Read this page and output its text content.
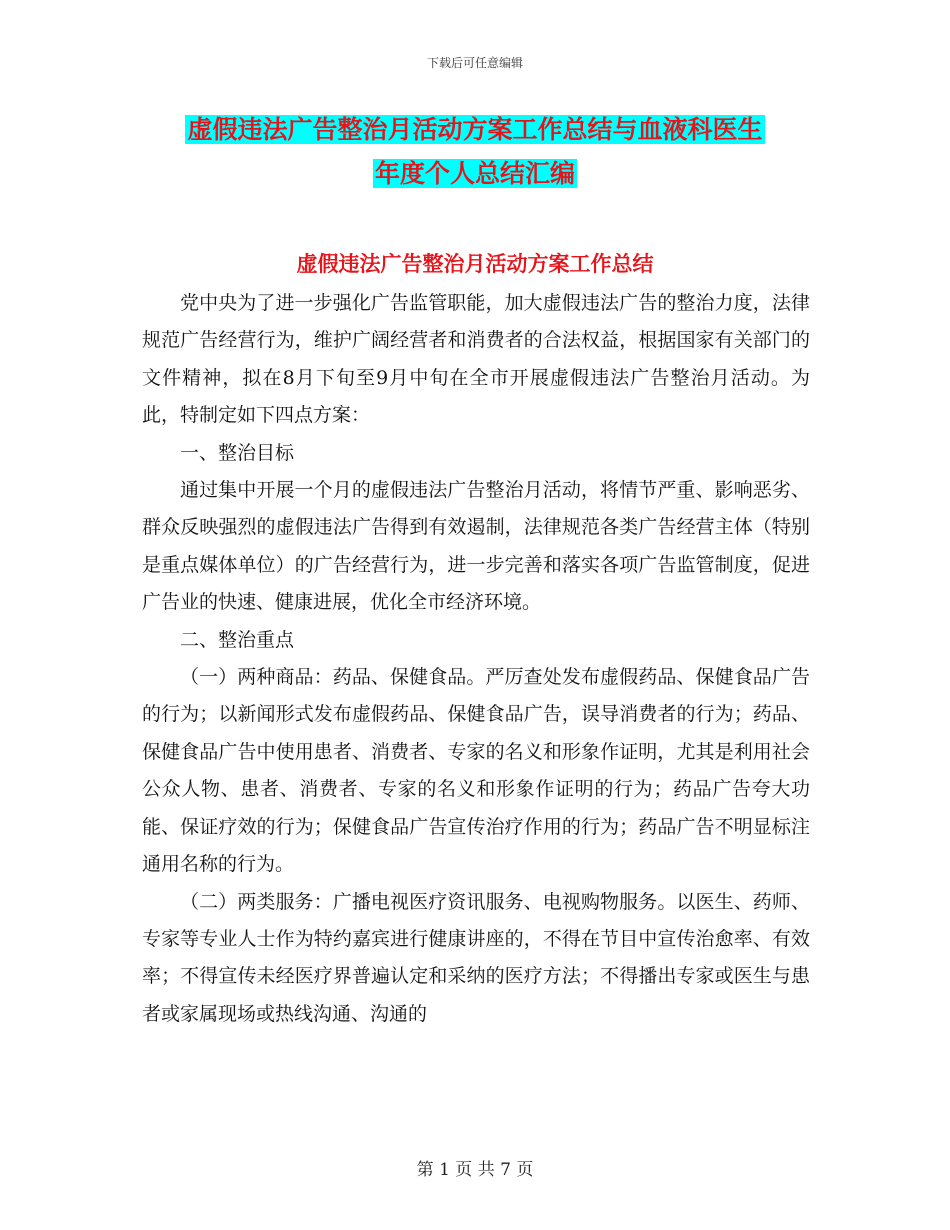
下载后可任意编辑
虚假违法广告整治月活动方案工作总结与血液科医生
年度个人总结汇编
虚假违法广告整治月活动方案工作总结

党中央为了进一步强化广告监管职能，加大虚假违法广告的整治力度，法律规范广告经营行为，维护广阔经营者和消费者的合法权益，根据国家有关部门的文件精神，拟在8月下旬至9月中旬在全市开展虚假违法广告整治月活动。为此，特制定如下四点方案：

一、整治目标

通过集中开展一个月的虚假违法广告整治月活动，将情节严重、影响恶劣、群众反映强烈的虚假违法广告得到有效遏制，法律规范各类广告经营主体（特别是重点媒体单位）的广告经营行为，进一步完善和落实各项广告监管制度，促进广告业的快速、健康进展，优化全市经济环境。

二、整治重点

（一）两种商品：药品、保健食品。严厉查处发布虚假药品、保健食品广告的行为；以新闻形式发布虚假药品、保健食品广告，误导消费者的行为；药品、保健食品广告中使用患者、消费者、专家的名义和形象作证明，尤其是利用社会公众人物、患者、消费者、专家的名义和形象作证明的行为；药品广告夸大功能、保证疗效的行为；保健食品广告宣传治疗作用的行为；药品广告不明显标注通用名称的行为。

（二）两类服务：广播电视医疗资讯服务、电视购物服务。以医生、药师、专家等专业人士作为特约嘉宾进行健康讲座的，不得在节目中宣传治愈率、有效率；不得宣传未经医疗界普遍认定和采纳的医疗方法；不得播出专家或医生与患者或家属现场或热线沟通、沟通的

第 1 页 共 7 页
